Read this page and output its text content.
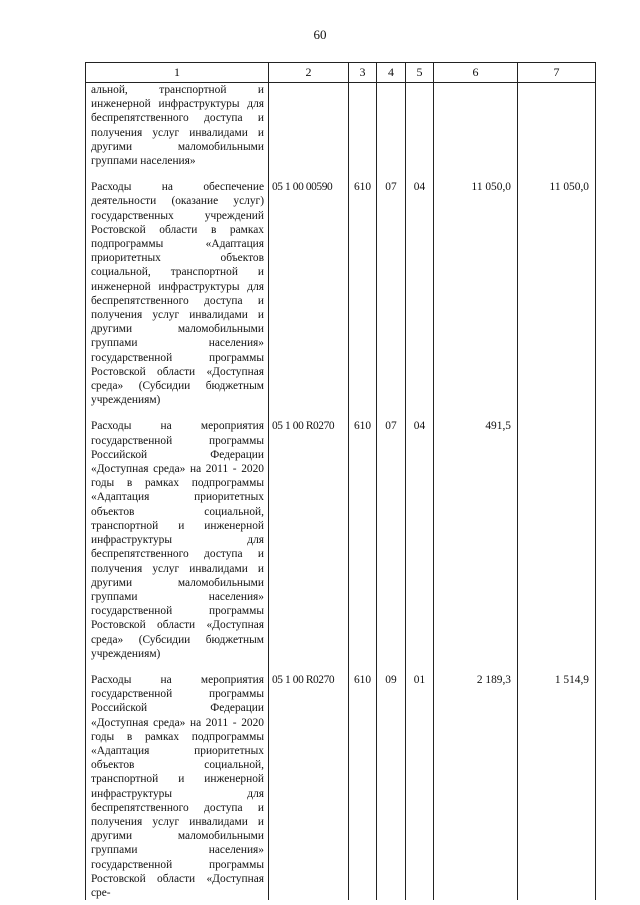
60
1	2	3	4	5	6	7

альной, транспортной и инженерной инфраструктуры для беспрепятственного доступа и получения услуг инвалидами и другими маломобильными группами населения»						

Расходы на обеспечение деятельности (оказание услуг) государственных учреждений Ростовской области в рамках подпрограммы «Адаптация приоритетных объектов социальной, транспортной и инженерной инфраструктуры для беспрепятственного доступа и получения услуг инвалидами и другими маломобильными группами населения» государственной программы Ростовской области «Доступная среда» (Субсидии бюджетным учреждениям)	05 1 00 00590	610	07	04	11 050,0	11 050,0

Расходы на мероприятия государственной программы Российской Федерации «Доступная среда» на 2011 - 2020 годы в рамках подпрограммы «Адаптация приоритетных объектов социальной, транспортной и инженерной инфраструктуры для беспрепятственного доступа и получения услуг инвалидами и другими маломобильными группами населения» государственной программы Ростовской области «Доступная среда» (Субсидии бюджетным учреждениям)	05 1 00 R0270	610	07	04	491,5	

Расходы на мероприятия государственной программы Российской Федерации «Доступная среда» на 2011 - 2020 годы в рамках подпрограммы «Адаптация приоритетных объектов социальной, транспортной и инженерной инфраструктуры для беспрепятственного доступа и получения услуг инвалидами и другими маломобильными группами населения» государственной программы Ростовской области «Доступная сре-	05 1 00 R0270	610	09	01	2 189,3	1 514,9
